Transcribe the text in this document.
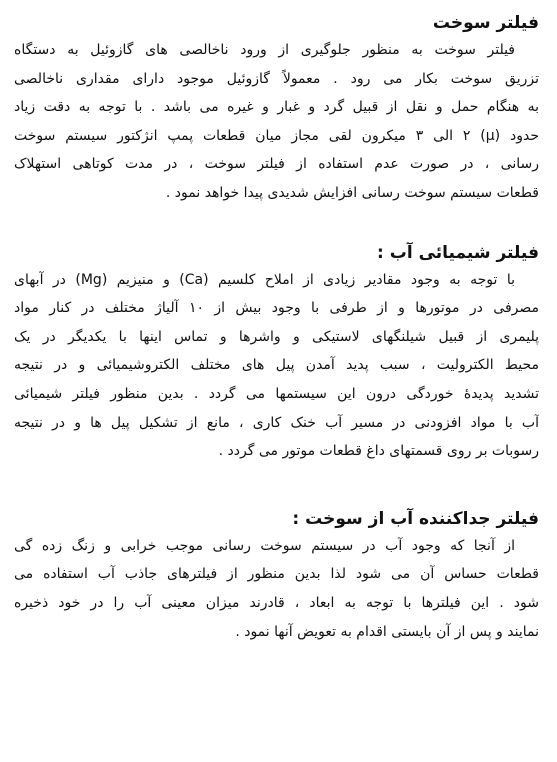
فیلتر سوخت
فیلتر سوخت به منظور جلوگیری از ورود ناخالصی های گازوئیل به دستگاه
تزریق سوخت بکار می رود . معمولاً گازوئیل موجود دارای مقداری ناخالصی
به هنگام حمل و نقل از قبیل گرد و غبار و غیره می باشد . با توجه به دقت زیاد
حدود (μ) ۲ الی ۳ میکرون لقی مجاز میان قطعات پمپ انژکتور سیستم سوخت
رسانی ، در صورت عدم استفاده از فیلتر سوخت ، در مدت کوتاهی استهلاک
قطعات سیستم سوخت رسانی افزایش شدیدی پیدا خواهد نمود .
فیلتر شیمیائی آب :
با توجه به وجود مقادیر زیادی از املاح کلسیم (Ca) و منیزیم (Mg) در آبهای
مصرفی در موتورها و از طرفی با وجود بیش از ۱۰ آلیاژ مختلف در کنار مواد
پلیمری از قبیل شیلنگهای لاستیکی و واشرها و تماس اینها با یکدیگر در یک
محیط الکترولیت ، سبب پدید آمدن پیل های مختلف الکتروشیمیائی و در نتیجه
تشدید پدیدهٔ خوردگی درون این سیستمها می گردد . بدین منظور فیلتر شیمیائی
آب با مواد افزودنی در مسیر آب خنک کاری ، مانع از تشکیل پیل ها و در نتیجه
رسوبات بر روی قسمتهای داغ قطعات موتور می گردد .
فیلتر جداکننده آب از سوخت :
از آنجا که وجود آب در سیستم سوخت رسانی موجب خرابی و زنگ زده گی
قطعات حساس آن می شود لذا بدین منظور از فیلترهای جاذب آب استفاده می
شود . این فیلترها با توجه به ابعاد ، قادرند میزان معینی آب را در خود ذخیره
نمایند و پس از آن بایستی اقدام به تعویض آنها نمود .
